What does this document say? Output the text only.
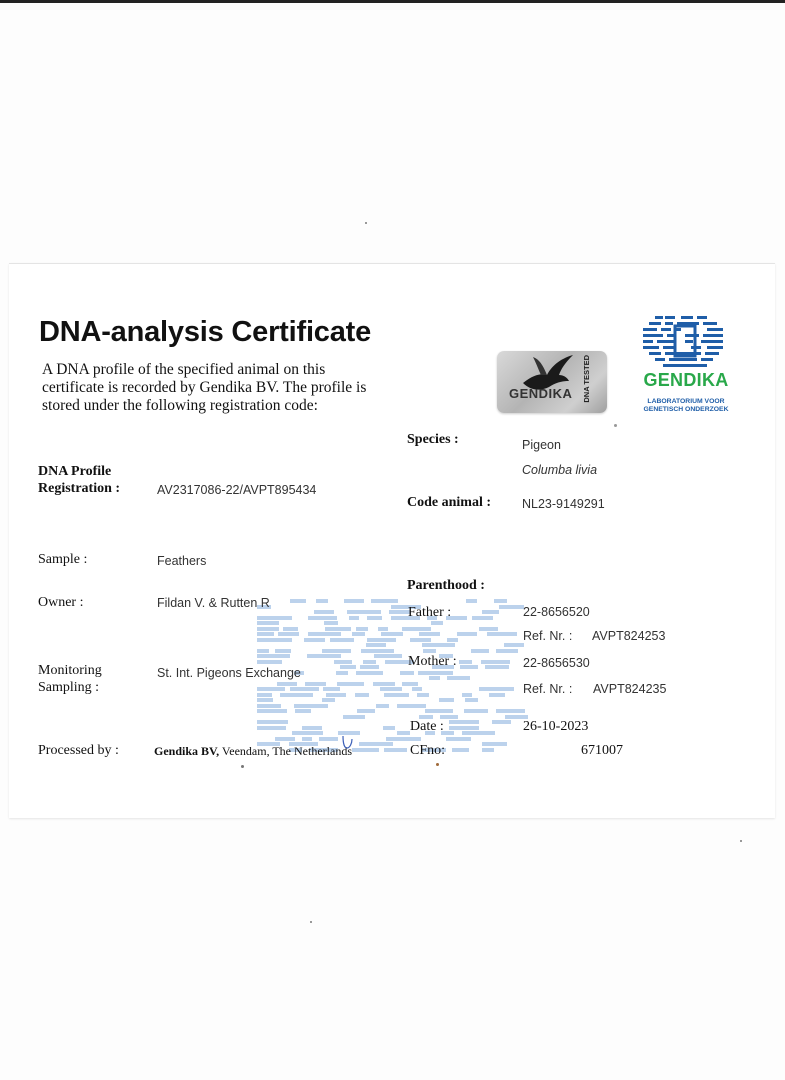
DNA-analysis Certificate
A DNA profile of the specified animal on this certificate is recorded by Gendika BV. The profile is stored under the following registration code:
GENDIKA DNA TESTED	GENDIKA
LABORATORIUM VOOR GENETISCH ONDERZOEK
DNA Profile
Registration :	AV2317086-22/AVPT895434
Sample :	Feathers
Owner :	Fildan V. & Rutten R
Monitoring
Sampling :
St. Int. Pigeons Exchange
Processed by :	Gendika BV, Veendam, The Netherlands
Species :	Pigeon
Columba livia
Code animal : NL23-9149291
Parenthood :
Father :	22-8656520
Ref. Nr. : AVPT824253
Mother :	22-8656530
Ref. Nr. : AVPT824235
Date :	26-10-2023
CFno:	671007
